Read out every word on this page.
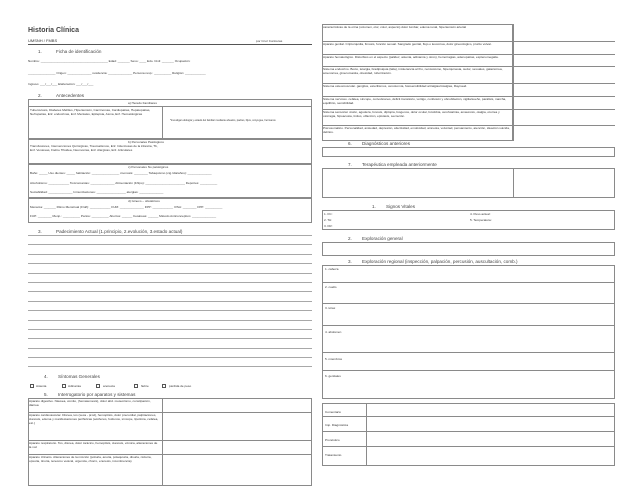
Historia Clínica
UMSNH / FMBS	por Cruz Contreras
1.	Ficha de identificación
Nombre: _______________________________________ Edad: _______ Sexo: ____ Edo. Civil: _______ Ocupación:
________________ Origen: ______________ residencia: ______________ Persona resp.: __________ Religión: ____________
Ingreso: ___/___/___ Elaboración: ___/___/___
2.	Antecedentes
a) Heredo Familiares
Tuberculosis, Diabetes Mellitus, Hipertensión, Carcinomas, Cardiopatías, Hepatopatías, Nefropatías, Enf. endocrinas, Enf. Mentales, Epilepsia, Asma, Enf. Hematológicas
*Investigar etiología y estado del familiar mediante abuelos, padres, hijos, conyugue, hermanos
b) Personales Patológicos
Transfusiones, Intervenciones Quirúrgicas, Traumatismos, Enf. Infecciosas de la infancia, Tb, Enf. Venéreas, Fiebre Tifoidea, Neumonías, Enf. Alérgicas, Enf. Articulares
c) Personales No patológicos
Baño: _____ Uso dientes: _____ habitación: ________________ zoonosis: ________ Tabaquismo (cig./día/años): ______________
Alcoholismo: ____________ Toxicomanías: ______________ Alimentación (F/tipo): _______________________ Deportes: __________
Sociabilidad: ______________ Inmunizaciones: _________________ alergias: ______________
d) Gineco – obstétricos
Menarca: _______ Ritmo Menstrual (F/d/i): ____________ FUM: ______________ FPP: ____________ IVSA: ________ FPP: __________
FUP: ________ Menp.: __________ Partos: __________ Abortos: ______ Cesáreas: ______ Método Anticonceptivo: ______________
3.	Padecimiento Actual (1.principio, 2.evolución, 3.estado actual)
4. Síntomas Generales
Astenia	Adinamia	anorexia	fiebre	pérdida de peso
5. Interrogatorio por aparatos y sistemas
Aparato digestivo. Náusea, vomito, (hematemesis), dolor abd. meteorismo, constipación, diarrea
Aparato cardiovascular. Disnea, tos (seca - prod), hemoptisis, dolor precordial, palpitaciones, cianosis, edema y manifestaciones periféricas (acúfenos, fosfenos, síncope, lipotimia, cefalea, etc.)
Aparato respiratorio. Tos, disnea, dolor torácico, hemoptisis, cianosis, vómica, alteraciones de la voz
Aparato Urinario. Alteraciones de la micción (poliuria, anuria, polaquiuria, disuria, nicturia, opsuria, tinuria, tenesmo vesical, urgencia, chorro, enuresis, incontinencia)
características de la orina (volumen, olor, color, aspecto) dolor lumbar, edema renal, hipertensión arterial
Aparato genital. Criptorquidia, fimosis, función sexual. Sangrado genital, flujo o leucorrea, dolor ginecológico, prurito vulvar.
Aparato hematológico. Disturbios en el aspecto (palidez, astenia, adinamia y otros), hemorragias, adenopatías, esplenomegalia.
Sistema endocrino. Bocio, letargia, bradipsiquia (lalia), intolerancia al frío, nerviosismo, hiperquinesia, sudor, sexuales, galactorrea, amenorrea, ginecomastia, obesidad, ruborización.
Sistema osteomuscular. ganglios, esterilismos, xerostomía, fotosensibilidad artralgias/mialgias, Raynaud.
Sistema nervioso. cefalea, síncope, convulsiones, déficit transitorio, vértigo, confusión y obnubilación, vigilia/sueño, parálisis, marcha, equilibrio, sensibilidad.
Sistema sensorial. visión, agudeza, fonosis, diplopía, fosgenos, dolor ocular, fotofobia, xerofotalmia, amaurosis, otalgia, otorrea y otorragia, hipoacusia, tinitus, olfacción, epistaxis, secreción.
Psicosomático. Personalidad, ansiedad, depresión, afectividad, emotividad, amnesia, voluntad, pensamiento, atención, ideación suicida, delirios.
6. Diagnósticos anteriores
7. Terapéutica empleada anteriormente
1. Signos Vitales
1. FC:
2. TA:
3. FR:
4. Peso actual:
5. Temperatura:
2. Exploración general
3. Exploración regional (inspección, palpación, percusión, auscultación, comb.)
1. cabeza
2. cuello
3. tórax
4. abdomen
5. miembros
6. genitales
Comentario
Imp. Diagnóstica
Pronóstico
Tratamiento
